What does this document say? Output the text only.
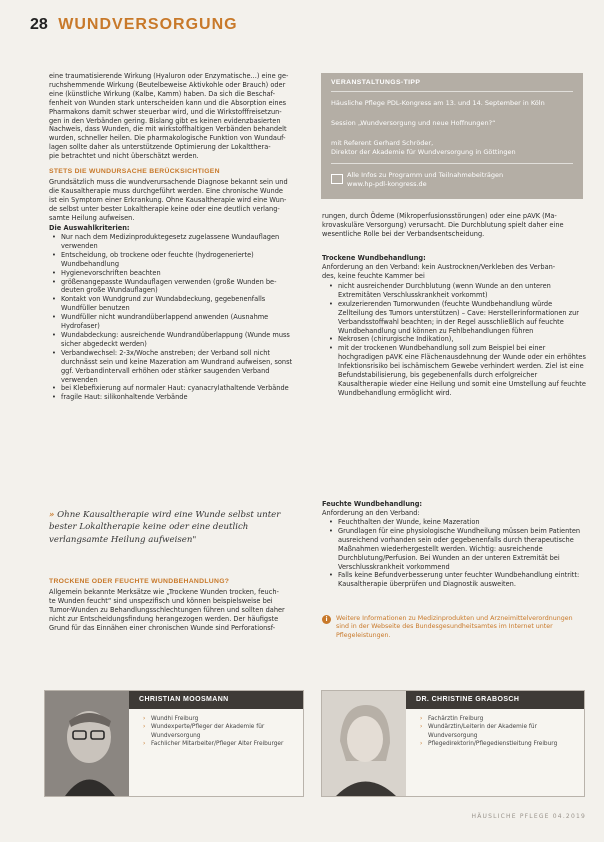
28 WUNDVERSORGUNG
eine traumatisierende Wirkung (Hyaluron oder Enzymatische...) eine ge-
ruchshemmende Wirkung (Beutelbeweise Aktivkohle oder Brauch) oder
eine (künstliche Wirkung (Kalbe, Kamm) haben. Da sich die Beschaf-
fenheit von Wunden stark unterscheiden kann und die Absorption eines
Pharmakons damit schwer steuerbar wird, und die Wirkstofffreisetzun-
gen in den Verbänden gering. Bislang gibt es keinen evidenzbasierten
Nachweis, dass Wunden, die mit wirkstoffhaltigen Verbänden behandelt
wurden, schneller heilen. Die pharmakologische Funktion von Wundauf-
lagen sollte daher als unterstützende Optimierung der Lokaltthera-
pie betrachtet und nicht überschätzt werden.
STETS DIE WUNDURSACHE BERÜCKSICHTIGEN
Grundsätzlich muss die wundverursachende Diagnose bekannt sein und
die Kausaltherapie muss durchgeführt werden. Eine chronische Wunde
ist ein Symptom einer Erkrankung. Ohne Kausaltherapie wird eine Wun-
de selbst unter bester Lokaltherapie keine oder eine deutlich verlang-
samte Heilung aufweisen.
Die Auswahlkriterien:
• Nur nach dem Medizinproduktegesetz zugelassene Wundauflagen verwenden
• Entscheidung, ob trockene oder feuchte (hydrogenerierte) Wundbehandlung
• Hygienevorschriften beachten
• größenangepasste Wundauflagen verwenden (große Wunden be- deuten große Wundauflagen)
• Kontakt von Wundgrund zur Wundabdeckung, gegebenenfalls Wundfüller benutzen
• Wundfüller nicht wundrandüberlappend anwenden (Ausnahme Hydrofaser)
• Wundabdeckung: ausreichende Wundrandüberlappung (Wunde muss sicher abgedeckt werden)
• Verbandwechsel: 2-3x/Woche anstreben; der Verband soll nicht durchnässt sein und keine Mazeration am Wundrand aufweisen, sonst ggf. Verbandintervall erhöhen oder stärker saugenden Verband verwenden
• bei Klebefixierung auf normaler Haut: cyanacrylathaltende Verbände
• fragile Haut: silikonhaltende Verbände
» Ohne Kausaltherapie wird eine Wunde selbst unter bester Lokaltherapie keine oder eine deutlich verlangsamte Heilung aufweisen"
TROCKENE ODER FEUCHTE WUNDBEHANDLUNG?
Allgemein bekannte Merksätze wie „Trockene Wunden trocken, feuch-
te Wunden feucht“ sind unspezifisch und können beispielsweise bei
Tumor-Wunden zu Behandlungsschlechtungen führen und sollten daher
nicht zur Entscheidungsfindung herangezogen werden. Der häufigste
Grund für das Einnähen einer chronischen Wunde sind Perforationsf-
VERANSTALTUNGS-TIPP
Häusliche Pflege PDL-Kongress am 13. und 14. September in Köln
Session „Wundversorgung und neue Hoffnungen?“
mit Referent Gerhard Schröder,
Direktor der Akademie für Wundversorgung in Göttingen
Alle Infos zu Programm und Teilnahmebeiträgen
www.hp-pdl-kongress.de
rungen, durch Ödeme (Mikroperfusionsstörungen) oder eine pAVK (Ma-
krovaskuläre Versorgung) verursacht. Die Durchblutung spielt daher eine
wesentliche Rolle bei der Verbandsentscheidung.
Trockene Wundbehandlung:
Anforderung an den Verband: kein Austrocknen/Verkleben des Verban-
des, keine feuchte Kammer bei
• nicht ausreichender Durchblutung (wenn Wunde an den unteren Extremitäten Verschlusskrankheit vorkommt)
• exulzerierenden Tumorwunden (feuchte Wundbehandlung würde Zellteilung des Tumors unterstützen) – Cave: Herstellerinformationen zur Verbandsstoffwahl beachten; in der Regel ausschließlich auf feuchte Wundbehandlung und können zu Fehlbehandlungen führen
• Nekrosen (chirurgische Indikation),
• mit der trockenen Wundbehandlung soll zum Beispiel bei einer hochgradigen pAVK eine Flächenausdehnung der Wunde oder ein erhöhtes Infektionsrisiko bei ischämischem Gewebe verhindert werden. Ziel ist eine Befundstabilisierung, bis gegebenenfalls durch erfolgreicher Kausaltherapie wieder eine Heilung und somit eine Umstellung auf feuchte Wundbehandlung ermöglicht wird.
Feuchte Wundbehandlung:
Anforderung an den Verband:
• Feuchthalten der Wunde, keine Mazeration
• Grundlagen für eine physiologische Wundheilung müssen beim Patienten ausreichend vorhanden sein oder gegebenenfalls durch therapeutische Maßnahmen wiederhergestellt werden. Wichtig: ausreichende Durchblutung/Perfusion. Bei Wunden an der unteren Extremität bei Verschlusskrankheit vorkommend
• Falls keine Befundverbesserung unter feuchter Wundbehandlung eintritt: Kausaltherapie überprüfen und Diagnostik ausweiten.
i	Weitere Informationen zu Medizinprodukten und Arzneimittelverordnungen sind in der Webseite des Bundesgesundheitsamtes im Internet unter Pflegeleistungen.
CHRISTIAN MOOSMANN
› Wundhi Freiburg
› Wundexperte/Pfleger der Akademie für Wundversorgung
› Fachlicher Mitarbeiter/Pfleger Alter Freiburger
DR. CHRISTINE GRABOSCH
› Fachärztin Freiburg
› Wundärztin/Leiterin der Akademie für Wundversorgung
› Pflegedirektorin/Pflegedienstleitung Freiburg
HÄUSLICHE PFLEGE 04.2019
